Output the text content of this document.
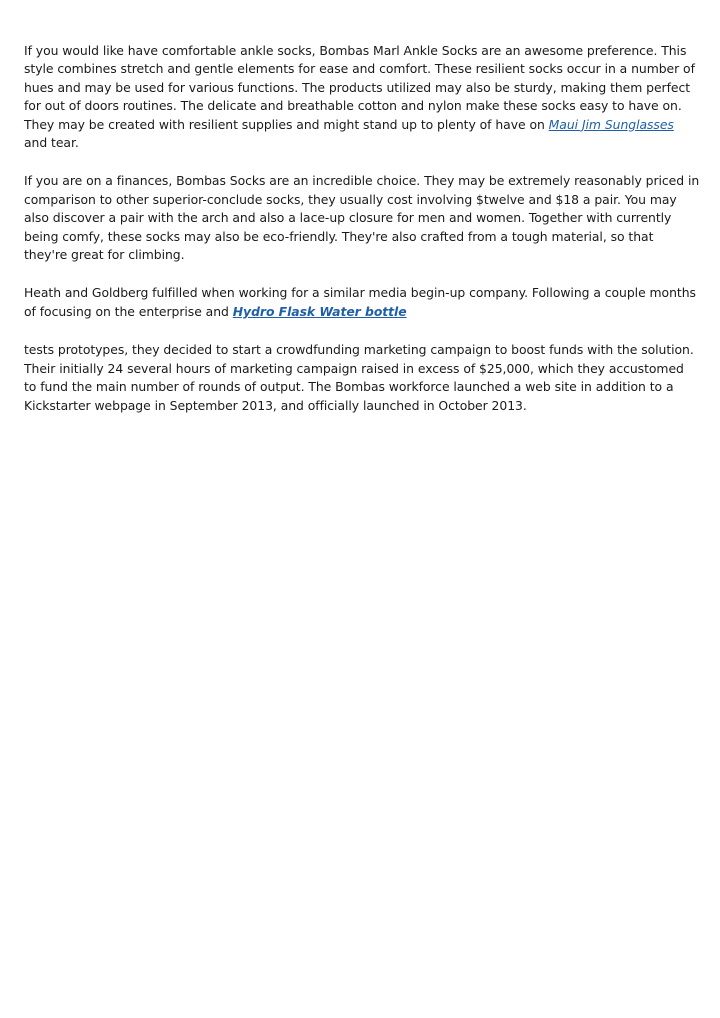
If you would like have comfortable ankle socks, Bombas Marl Ankle Socks are an awesome preference. This style combines stretch and gentle elements for ease and comfort. These resilient socks occur in a number of hues and may be used for various functions. The products utilized may also be sturdy, making them perfect for out of doors routines. The delicate and breathable cotton and nylon make these socks easy to have on. They may be created with resilient supplies and might stand up to plenty of have on Maui Jim Sunglasses and tear.

If you are on a finances, Bombas Socks are an incredible choice. They may be extremely reasonably priced in comparison to other superior-conclude socks, they usually cost involving $twelve and $18 a pair. You may also discover a pair with the arch and also a lace-up closure for men and women. Together with currently being comfy, these socks may also be eco-friendly. They're also crafted from a tough material, so that they're great for climbing.

Heath and Goldberg fulfilled when working for a similar media begin-up company. Following a couple months of focusing on the enterprise and Hydro Flask Water bottle

tests prototypes, they decided to start a crowdfunding marketing campaign to boost funds with the solution. Their initially 24 several hours of marketing campaign raised in excess of $25,000, which they accustomed to fund the main number of rounds of output. The Bombas workforce launched a web site in addition to a Kickstarter webpage in September 2013, and officially launched in October 2013.
